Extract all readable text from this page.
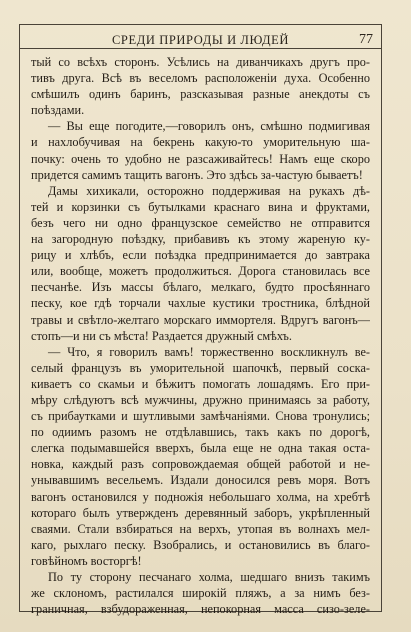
СРЕДИ ПРИРОДЫ И ЛЮДЕЙ	77
тый со всѣхъ сторонъ. Усѣлись на диванчикахъ другъ про-
тивъ друга. Всѣ въ веселомъ расположеніи духа. Особенно
смѣшилъ одинъ баринъ, разсказывая разные анекдоты съ
поѣздами.
— Вы еще погодите,—говорилъ онъ, смѣшно подмигивая
и нахлобучивая на бекрень какую-то уморительную ша-
почку: очень то удобно не разсаживайтесь! Намъ еще скоро
придется самимъ тащить вагонъ. Это здѣсь за-частую бываетъ!
Дамы хихикали, осторожно поддерживая на рукахъ дѣ-
тей и корзинки съ бутылками краснаго вина и фруктами,
безъ чего ни одно французское семейство не отправится
на загородную поѣздку, прибавивъ къ этому жареную ку-
рицу и хлѣбъ, если поѣздка предпринимается до завтрака
или, вообще, можетъ продолжиться. Дорога становилась все
песчанѣе. Изъ массы бѣлаго, мелкаго, будто просѣяннаго
песку, кое гдѣ торчали чахлые кустики тростника, блѣдной
травы и свѣтло-желтаго морскаго иммортеля. Вдругъ вагонъ—
стопъ—и ни съ мѣста! Раздается дружный смѣхъ.
— Что, я говорилъ вамъ! торжественно воскликнулъ ве-
селый французъ въ уморительной шапочкѣ, первый соска-
киваетъ со скамьи и бѣжитъ помогать лошадямъ. Его при-
мѣру слѣдуютъ всѣ мужчины, дружно принимаясь за работу,
съ прибаутками и шутливыми замѣчаніями. Снова тронулись;
по одиимъ разомъ не отдѣлавшись, такъ какъ по дорогѣ,
слегка подымавшейся вверхъ, была еще не одна такая оста-
новка, каждый разъ сопровождаемая общей работой и не-
унывавшимъ весельемъ. Издали доносился ревъ моря. Вотъ
вагонъ остановился у подножія небольшаго холма, на хребтѣ
котораго былъ утвержденъ деревянный заборъ, укрѣпленный
сваями. Стали взбираться на верхъ, утопая въ волнахъ мел-
каго, рыхлаго песку. Взобрались, и остановились въ благо-
говѣйномъ восторгѣ!
По ту сторону песчанаго холма, шедшаго внизъ такимъ
же склономъ, растилался широкій пляжъ, а за нимъ без-
граничная, взбудораженная, непокорная масса сизо-зеле-
